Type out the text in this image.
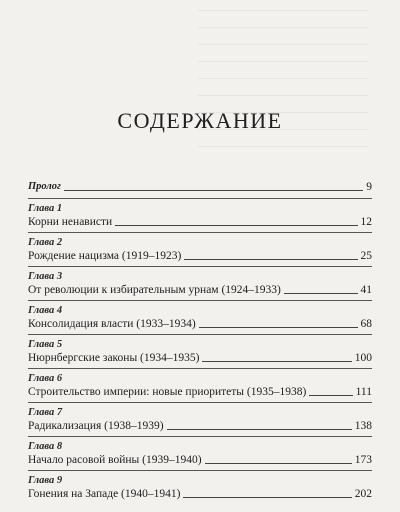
СОДЕРЖАНИЕ
Пролог	9
Глава 1
Корни ненависти	12
Глава 2
Рождение нацизма (1919–1923)	25
Глава 3
От революции к избирательным урнам (1924–1933)	41
Глава 4
Консолидация власти (1933–1934)	68
Глава 5
Нюрнбергские законы (1934–1935)	100
Глава 6
Строительство империи: новые приоритеты (1935–1938)	111
Глава 7
Радикализация (1938–1939)	138
Глава 8
Начало расовой войны (1939–1940)	173
Глава 9
Гонения на Западе (1940–1941)	202
